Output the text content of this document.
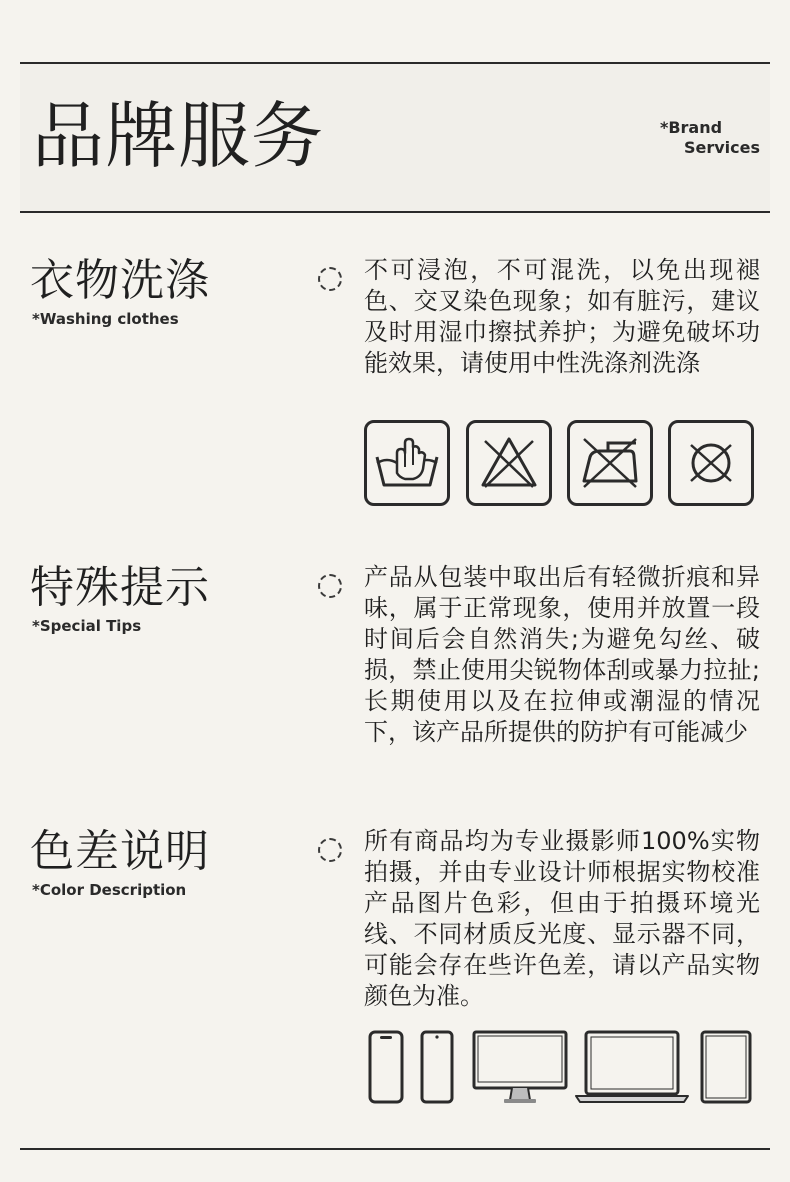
品牌服务	*Brand
Services
衣物洗涤
*Washing clothes
不可浸泡，不可混洗，以免出现褪色、交叉染色现象；如有脏污，建议及时用湿巾擦拭养护；为避免破坏功能效果，请使用中性洗涤剂洗涤
特殊提示
*Special Tips
产品从包装中取出后有轻微折痕和异味，属于正常现象，使用并放置一段时间后会自然消失;为避免勾丝、破损，禁止使用尖锐物体刮或暴力拉扯;长期使用以及在拉伸或潮湿的情况下，该产品所提供的防护有可能减少
色差说明
*Color Description
所有商品均为专业摄影师100%实物拍摄，并由专业设计师根据实物校准产品图片色彩，但由于拍摄环境光线、不同材质反光度、显示器不同，可能会存在些许色差，请以产品实物颜色为准。
